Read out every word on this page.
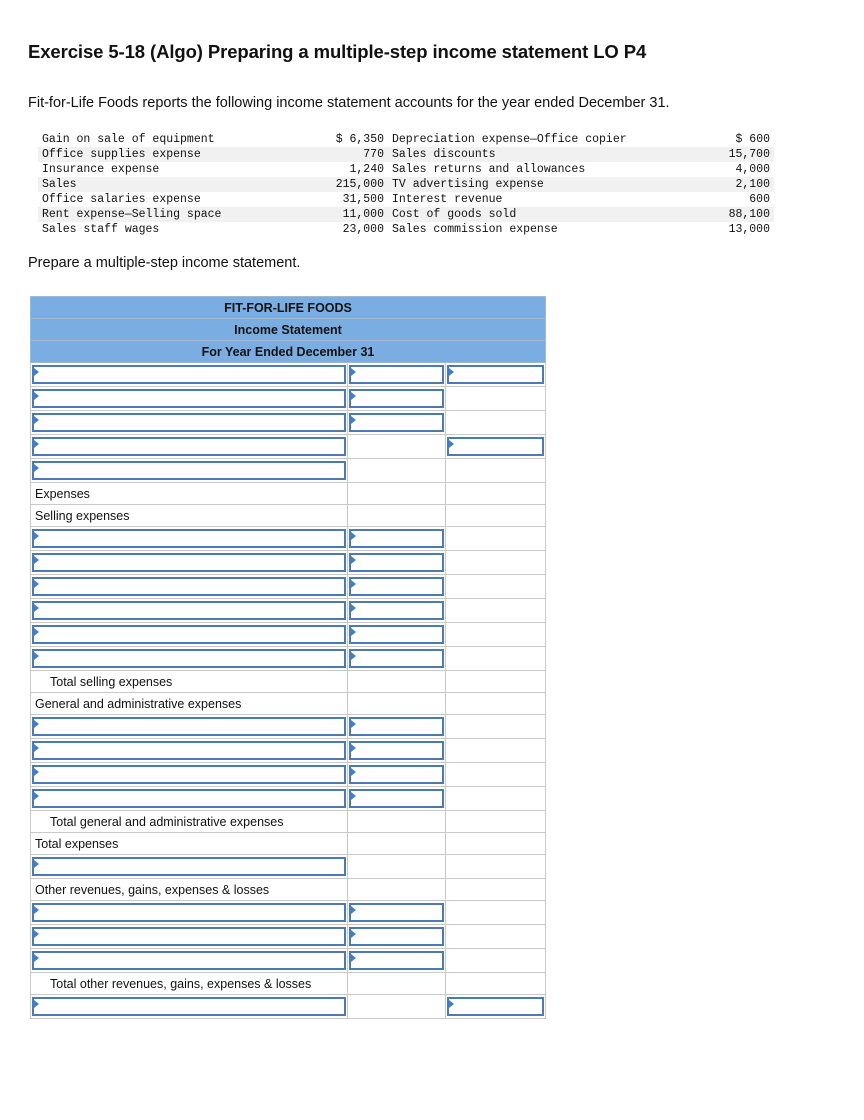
Exercise 5-18 (Algo) Preparing a multiple-step income statement LO P4
Fit-for-Life Foods reports the following income statement accounts for the year ended December 31.
Gain on sale of equipment	$ 6,350	Depreciation expense—Office copier	$ 600
Office supplies expense	770	Sales discounts	15,700
Insurance expense	1,240	Sales returns and allowances	4,000
Sales	215,000	TV advertising expense	2,100
Office salaries expense	31,500	Interest revenue	600
Rent expense—Selling space	11,000	Cost of goods sold	88,100
Sales staff wages	23,000	Sales commission expense	13,000
Prepare a multiple-step income statement.
FIT-FOR-LIFE FOODS		
Income Statement		
For Year Ended December 31		

Expenses		
Selling expenses		

Total selling expenses		
General and administrative expenses		

Total general and administrative expenses		
Total expenses		

Other revenues, gains, expenses & losses		

Total other revenues, gains, expenses & losses		
